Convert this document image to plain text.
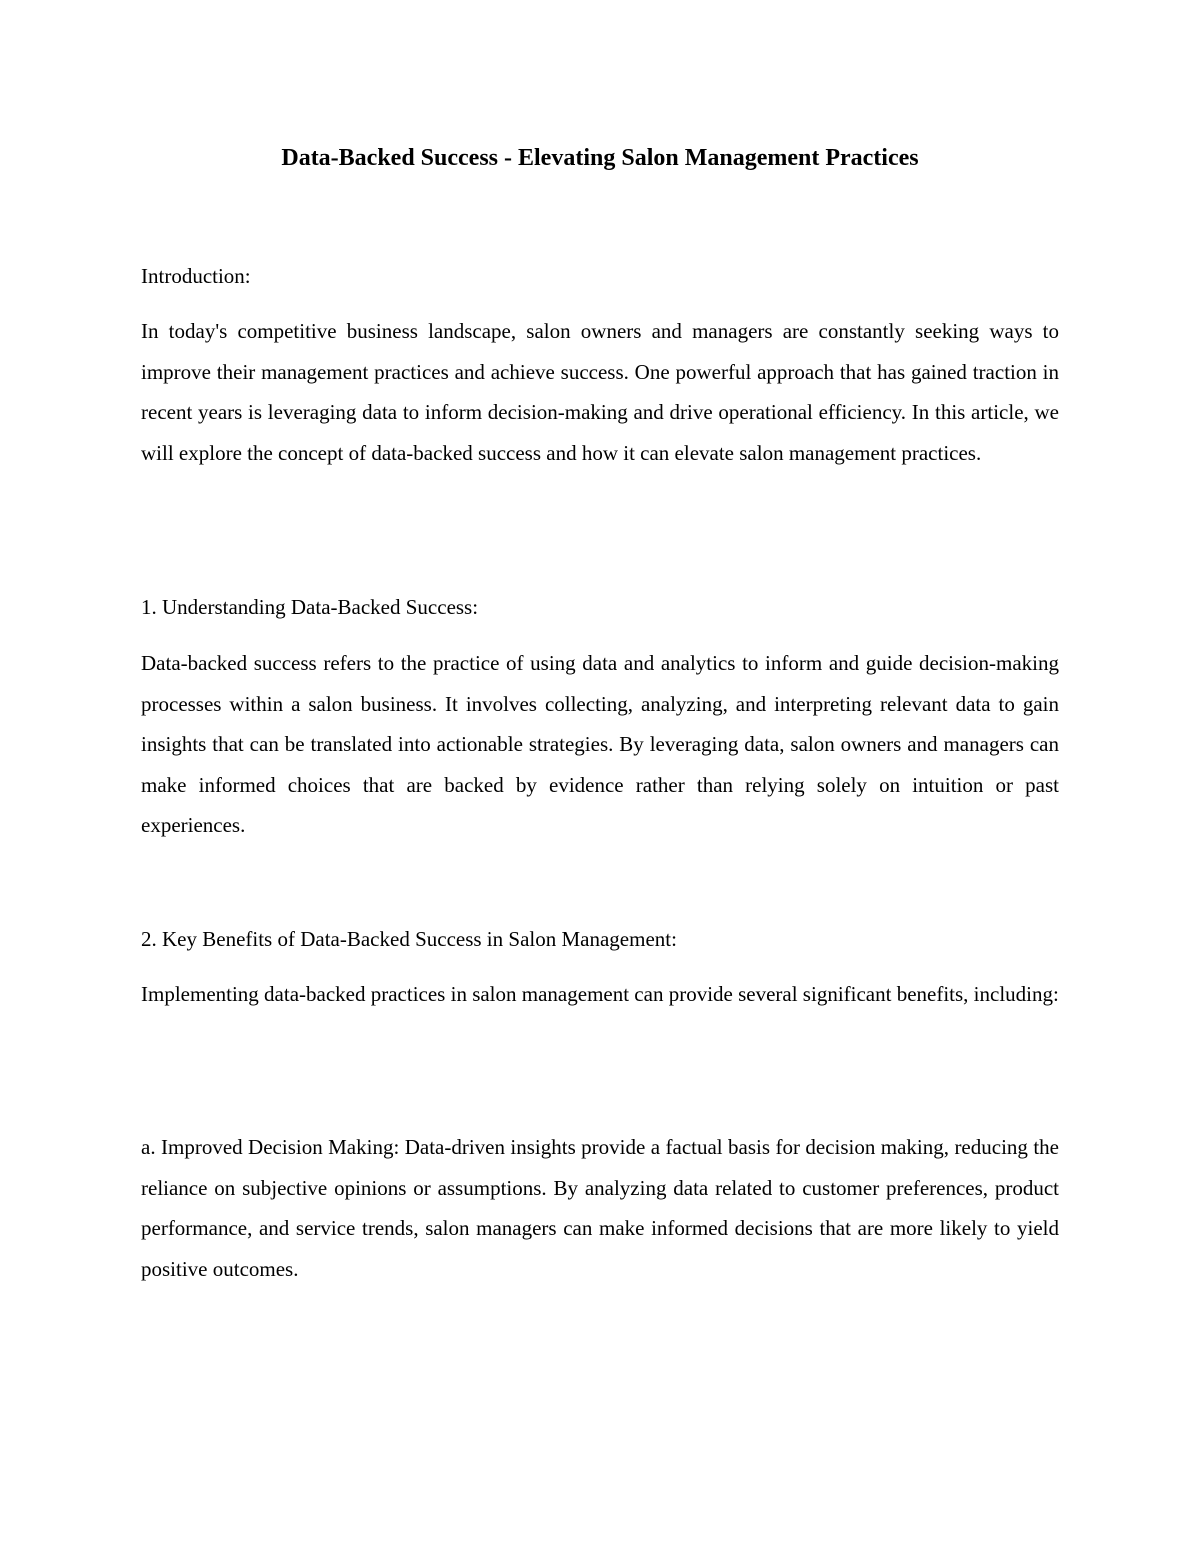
Data-Backed Success - Elevating Salon Management Practices

Introduction:

In today's competitive business landscape, salon owners and managers are constantly seeking ways to improve their management practices and achieve success. One powerful approach that has gained traction in recent years is leveraging data to inform decision-making and drive operational efficiency. In this article, we will explore the concept of data-backed success and how it can elevate salon management practices.

1. Understanding Data-Backed Success:

Data-backed success refers to the practice of using data and analytics to inform and guide decision-making processes within a salon business. It involves collecting, analyzing, and interpreting relevant data to gain insights that can be translated into actionable strategies. By leveraging data, salon owners and managers can make informed choices that are backed by evidence rather than relying solely on intuition or past experiences.

2. Key Benefits of Data-Backed Success in Salon Management:

Implementing data-backed practices in salon management can provide several significant benefits, including:

a. Improved Decision Making: Data-driven insights provide a factual basis for decision making, reducing the reliance on subjective opinions or assumptions. By analyzing data related to customer preferences, product performance, and service trends, salon managers can make informed decisions that are more likely to yield positive outcomes.
